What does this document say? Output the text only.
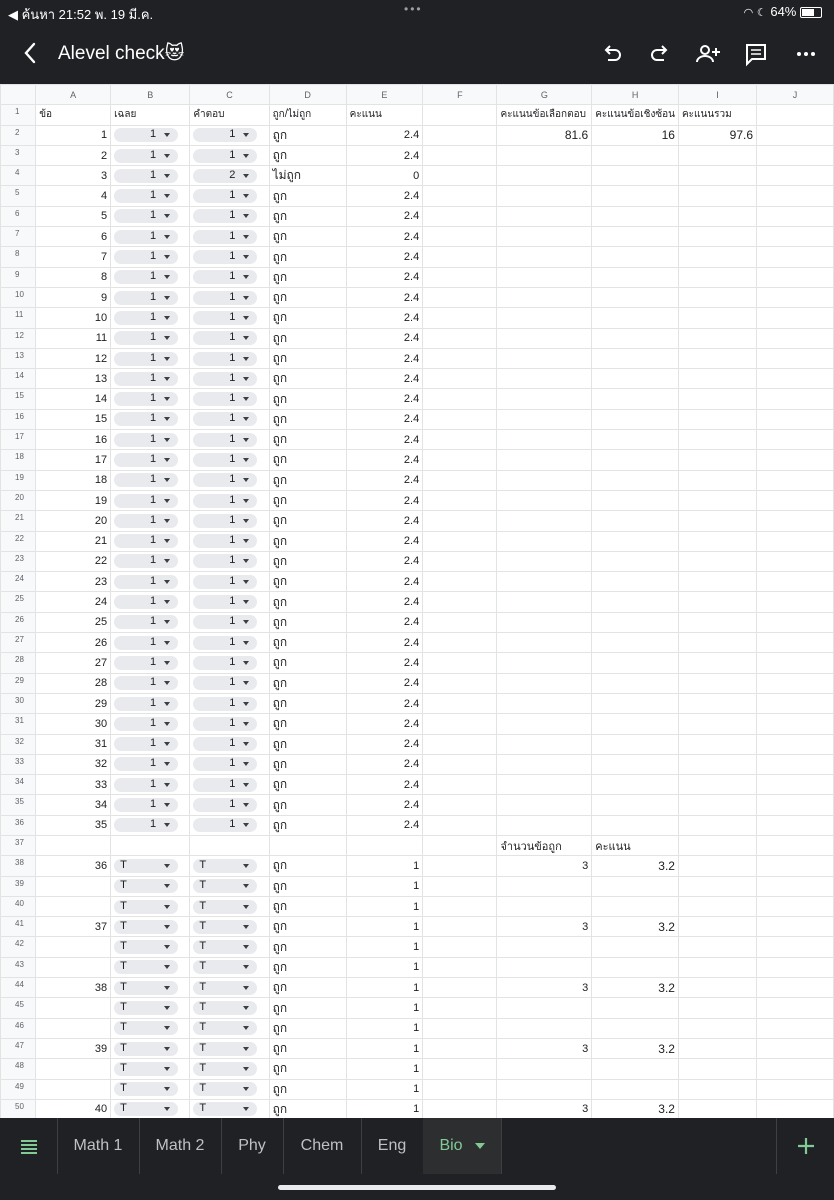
◀ ค้นหา 21:52 พ. 19 มี.ค.	•••	◠ ☾ 64%
Alevel check😻
	A	B	C	D	E	F	G	H	I	J
1	ข้อ	เฉลย	คำตอบ	ถูก/ไม่ถูก	คะแนน		คะแนนข้อเลือกตอบ	คะแนนข้อเชิงซ้อน	คะแนนรวม	
2	1	1	1	ถูก	2.4		81.6	16	97.6	
3	2	1	1	ถูก	2.4					
4	3	1	2	ไม่ถูก	0					
5	4	1	1	ถูก	2.4					
6	5	1	1	ถูก	2.4					
7	6	1	1	ถูก	2.4					
8	7	1	1	ถูก	2.4					
9	8	1	1	ถูก	2.4					
10	9	1	1	ถูก	2.4					
11	10	1	1	ถูก	2.4					
12	11	1	1	ถูก	2.4					
13	12	1	1	ถูก	2.4					
14	13	1	1	ถูก	2.4					
15	14	1	1	ถูก	2.4					
16	15	1	1	ถูก	2.4					
17	16	1	1	ถูก	2.4					
18	17	1	1	ถูก	2.4					
19	18	1	1	ถูก	2.4					
20	19	1	1	ถูก	2.4					
21	20	1	1	ถูก	2.4					
22	21	1	1	ถูก	2.4					
23	22	1	1	ถูก	2.4					
24	23	1	1	ถูก	2.4					
25	24	1	1	ถูก	2.4					
26	25	1	1	ถูก	2.4					
27	26	1	1	ถูก	2.4					
28	27	1	1	ถูก	2.4					
29	28	1	1	ถูก	2.4					
30	29	1	1	ถูก	2.4					
31	30	1	1	ถูก	2.4					
32	31	1	1	ถูก	2.4					
33	32	1	1	ถูก	2.4					
34	33	1	1	ถูก	2.4					
35	34	1	1	ถูก	2.4					
36	35	1	1	ถูก	2.4					
37							จำนวนข้อถูก	คะแนน		
38	36	T	T	ถูก	1		3	3.2		
39		T	T	ถูก	1					
40		T	T	ถูก	1					
41	37	T	T	ถูก	1		3	3.2		
42		T	T	ถูก	1					
43		T	T	ถูก	1					
44	38	T	T	ถูก	1		3	3.2		
45		T	T	ถูก	1					
46		T	T	ถูก	1					
47	39	T	T	ถูก	1		3	3.2		
48		T	T	ถูก	1					
49		T	T	ถูก	1					
50	40	T	T	ถูก	1		3	3.2		
Math 1	Math 2	Phy	Chem	Eng	Bio
